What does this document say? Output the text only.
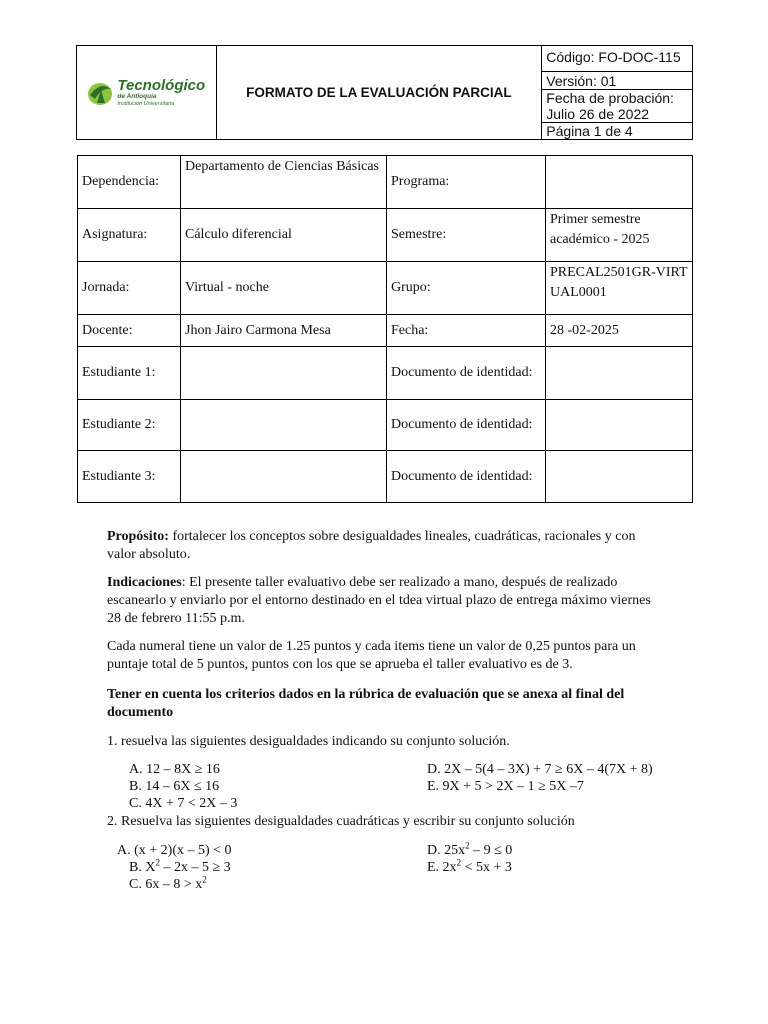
Tecnológico
de Antioquia
Institución Universitaria
	FORMATO DE LA EVALUACIÓN PARCIAL	Código: FO-DOC-115
Versión: 01
Fecha de probación:
Julio 26 de 2022
Página 1 de 4
Dependencia:	Departamento de Ciencias Básicas	Programa:	
Asignatura:	Cálculo diferencial	Semestre:	Primer semestre académico - 2025
Jornada:	Virtual - noche	Grupo:	PRECAL2501GR-VIRTUAL0001
Docente:	Jhon Jairo Carmona Mesa	Fecha:	28 -02-2025
Estudiante 1:		Documento de identidad:	
Estudiante 2:		Documento de identidad:	
Estudiante 3:		Documento de identidad:	

Propósito: fortalecer los conceptos sobre desigualdades lineales, cuadráticas, racionales y con valor absoluto.

Indicaciones: El presente taller evaluativo debe ser realizado a mano, después de realizado escanearlo y enviarlo por el entorno destinado en el tdea virtual plazo de entrega máximo viernes 28 de febrero 11:55 p.m.

Cada numeral tiene un valor de 1.25 puntos y cada items tiene un valor de 0,25 puntos para un puntaje total de 5 puntos, puntos con los que se aprueba el taller evaluativo es de 3.

Tener en cuenta los criterios dados en la rúbrica de evaluación que se anexa al final del documento

1. resuelva las siguientes desigualdades indicando su conjunto solución.

A. 12 – 8X ≥ 16
B. 14 – 6X ≤ 16
C. 4X + 7 < 2X – 3
D. 2X – 5(4 – 3X) + 7 ≥ 6X – 4(7X + 8)
E. 9X + 5 > 2X – 1 ≥ 5X –7

2. Resuelva las siguientes desigualdades cuadráticas y escribir su conjunto solución

A. (x + 2)(x – 5) < 0
B. $X^2 - 2x - 5 \ge 3$
C. $6x - 8 > x^2$
D. $25x^2 - 9 \le 0$
E. $2x^2 < 5x + 3$
